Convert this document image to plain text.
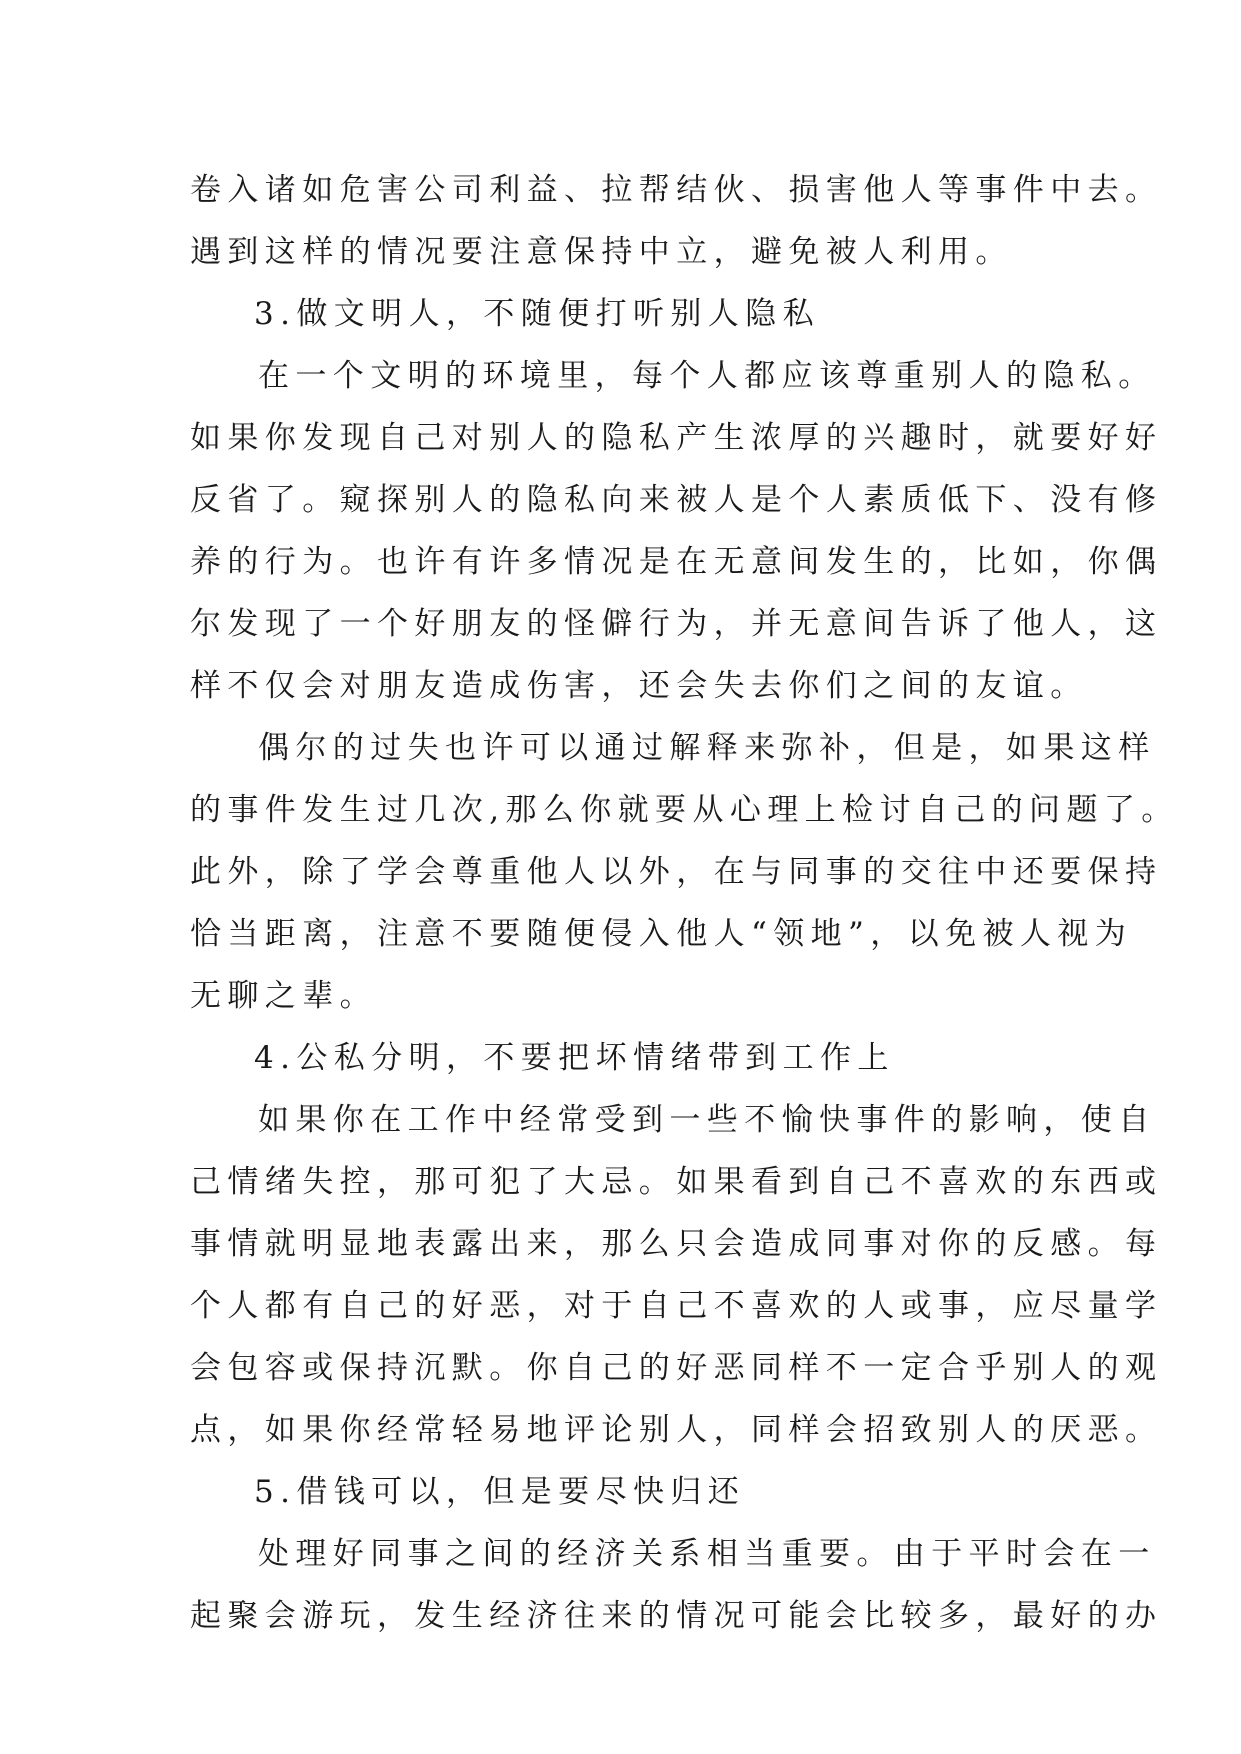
卷入诸如危害公司利益、拉帮结伙、损害他人等事件中去。
遇到这样的情况要注意保持中立，避免被人利用。
3.做文明人，不随便打听别人隐私
在一个文明的环境里，每个人都应该尊重别人的隐私。
如果你发现自己对别人的隐私产生浓厚的兴趣时，就要好好
反省了。窥探别人的隐私向来被人是个人素质低下、没有修
养的行为。也许有许多情况是在无意间发生的，比如，你偶
尔发现了一个好朋友的怪僻行为，并无意间告诉了他人，这
样不仅会对朋友造成伤害，还会失去你们之间的友谊。
偶尔的过失也许可以通过解释来弥补，但是，如果这样
的事件发生过几次,那么你就要从心理上检讨自己的问题了。
此外，除了学会尊重他人以外，在与同事的交往中还要保持
恰当距离，注意不要随便侵入他人“领地”，以免被人视为
无聊之辈。
4.公私分明，不要把坏情绪带到工作上
如果你在工作中经常受到一些不愉快事件的影响，使自
己情绪失控，那可犯了大忌。如果看到自己不喜欢的东西或
事情就明显地表露出来，那么只会造成同事对你的反感。每
个人都有自己的好恶，对于自己不喜欢的人或事，应尽量学
会包容或保持沉默。你自己的好恶同样不一定合乎别人的观
点，如果你经常轻易地评论别人，同样会招致别人的厌恶。
5.借钱可以，但是要尽快归还
处理好同事之间的经济关系相当重要。由于平时会在一
起聚会游玩，发生经济往来的情况可能会比较多，最好的办
